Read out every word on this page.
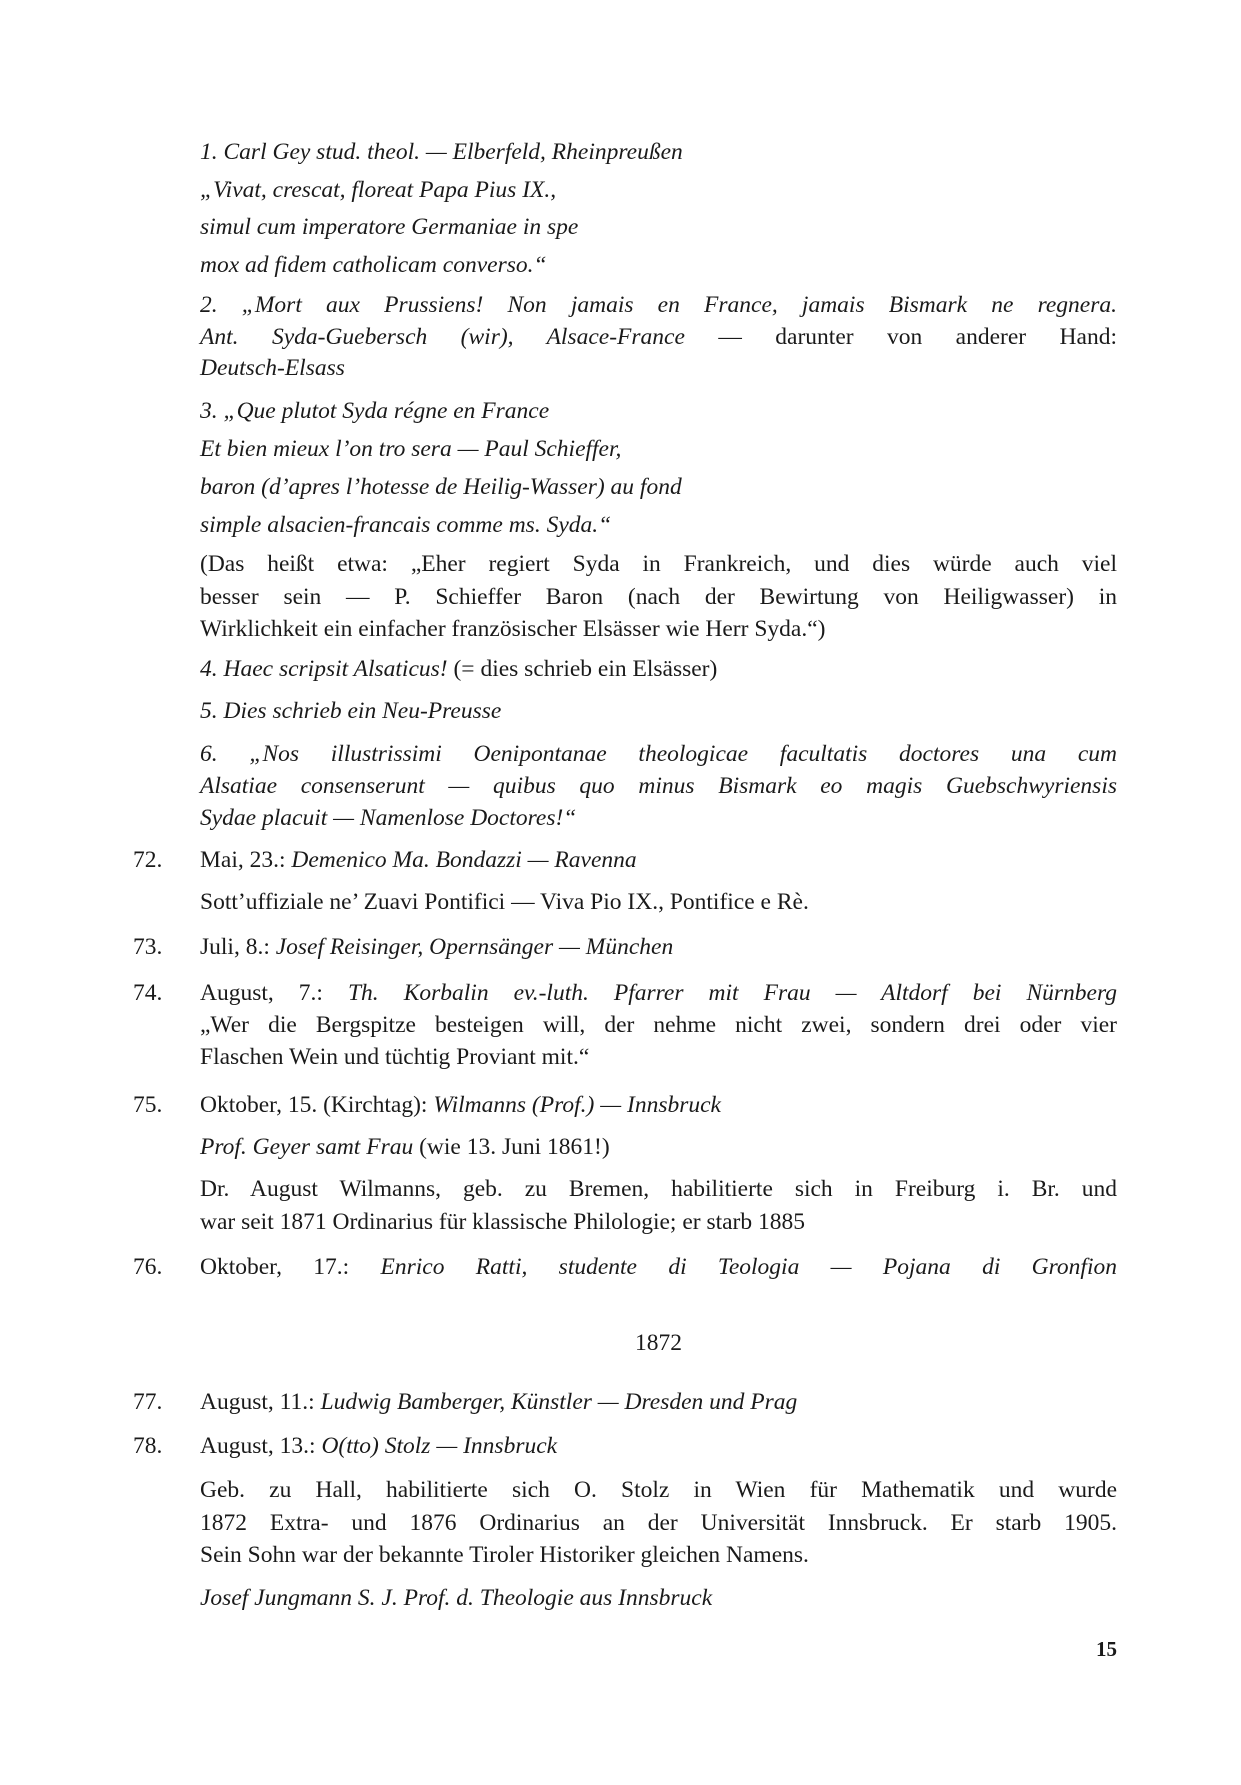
1. Carl Gey stud. theol. — Elberfeld, Rheinpreußen
„Vivat, crescat, floreat Papa Pius IX.,
simul cum imperatore Germaniae in spe
mox ad fidem catholicam converso.“
2. „Mort aux Prussiens! Non jamais en France, jamais Bismark ne regnera.
Ant. Syda-Guebersch (wir), Alsace-France — darunter von anderer Hand:
Deutsch-Elsass
3. „Que plutot Syda régne en France
Et bien mieux l’on tro sera — Paul Schieffer,
baron (d’apres l’hotesse de Heilig-Wasser) au fond
simple alsacien-francais comme ms. Syda.“
(Das heißt etwa: „Eher regiert Syda in Frankreich, und dies würde auch viel
besser sein — P. Schieffer Baron (nach der Bewirtung von Heiligwasser) in
Wirklichkeit ein einfacher französischer Elsässer wie Herr Syda.“)
4. Haec scripsit Alsaticus! (= dies schrieb ein Elsässer)
5. Dies schrieb ein Neu-Preusse
6. „Nos illustrissimi Oenipontanae theologicae facultatis doctores una cum
Alsatiae consenserunt — quibus quo minus Bismark eo magis Guebschwyriensis
Sydae placuit — Namenlose Doctores!“
72. Mai, 23.: Demenico Ma. Bondazzi — Ravenna
Sott’uffiziale ne’ Zuavi Pontifici — Viva Pio IX., Pontifice e Rè.
73. Juli, 8.: Josef Reisinger, Opernsänger — München
74. August, 7.: Th. Korbalin ev.-luth. Pfarrer mit Frau — Altdorf bei Nürnberg
„Wer die Bergspitze besteigen will, der nehme nicht zwei, sondern drei oder vier
Flaschen Wein und tüchtig Proviant mit.“
75. Oktober, 15. (Kirchtag): Wilmanns (Prof.) — Innsbruck
Prof. Geyer samt Frau (wie 13. Juni 1861!)
Dr. August Wilmanns, geb. zu Bremen, habilitierte sich in Freiburg i. Br. und
war seit 1871 Ordinarius für klassische Philologie; er starb 1885
76. Oktober, 17.: Enrico Ratti, studente di Teologia — Pojana di Gronfion
1872
77. August, 11.: Ludwig Bamberger, Künstler — Dresden und Prag
78. August, 13.: O(tto) Stolz — Innsbruck
Geb. zu Hall, habilitierte sich O. Stolz in Wien für Mathematik und wurde
1872 Extra- und 1876 Ordinarius an der Universität Innsbruck. Er starb 1905.
Sein Sohn war der bekannte Tiroler Historiker gleichen Namens.
Josef Jungmann S. J. Prof. d. Theologie aus Innsbruck
15
